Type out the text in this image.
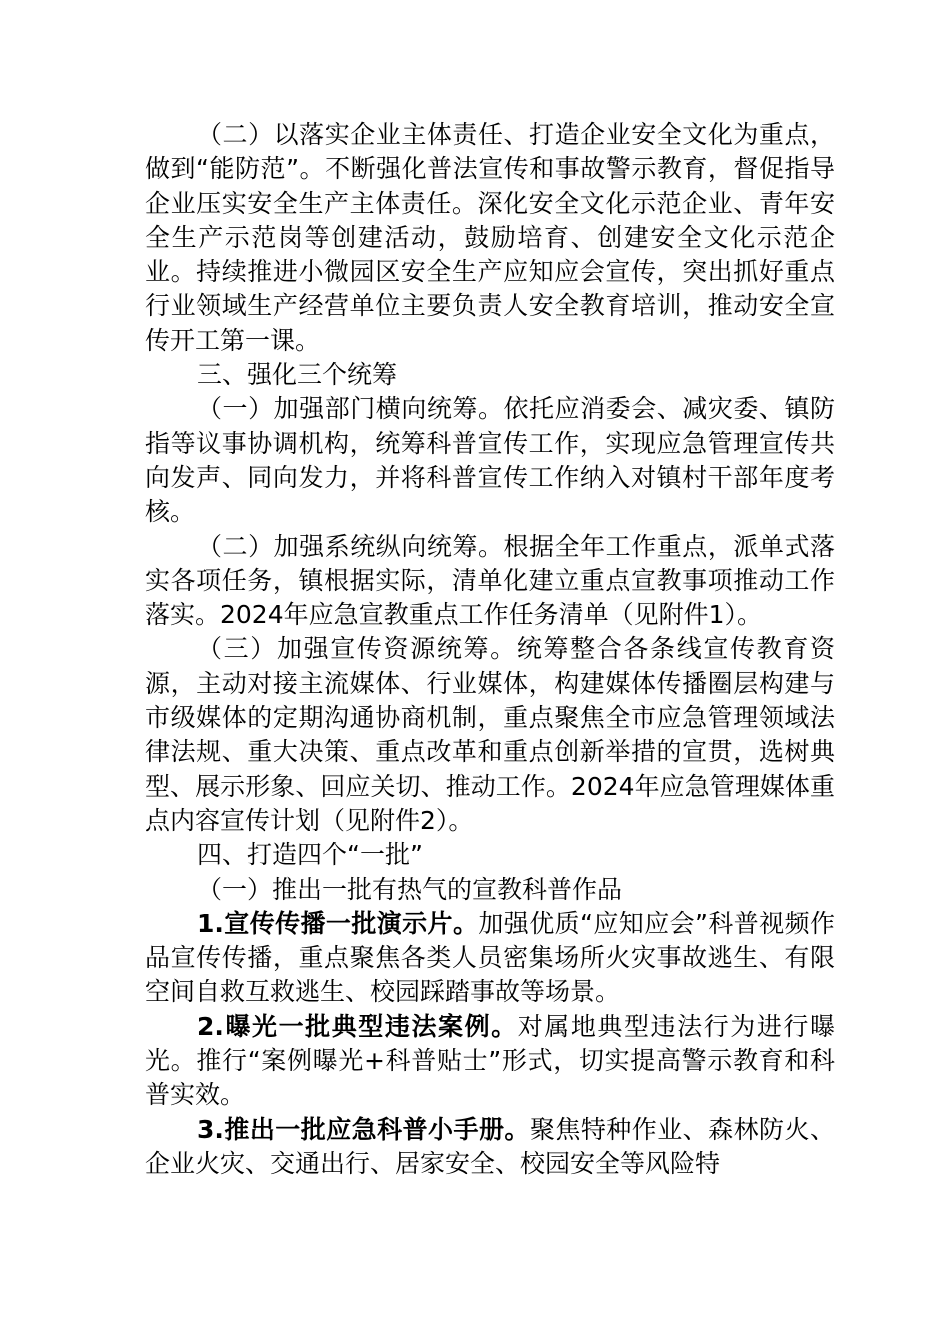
（二）以落实企业主体责任、打造企业安全文化为重点，做到“能防范”。不断强化普法宣传和事故警示教育，督促指导企业压实安全生产主体责任。深化安全文化示范企业、青年安全生产示范岗等创建活动，鼓励培育、创建安全文化示范企业。持续推进小微园区安全生产应知应会宣传，突出抓好重点行业领域生产经营单位主要负责人安全教育培训，推动安全宣传开工第一课。

三、强化三个统筹

（一）加强部门横向统筹。依托应消委会、减灾委、镇防指等议事协调机构，统筹科普宣传工作，实现应急管理宣传共向发声、同向发力，并将科普宣传工作纳入对镇村干部年度考核。

（二）加强系统纵向统筹。根据全年工作重点，派单式落实各项任务，镇根据实际，清单化建立重点宣教事项推动工作落实。2024年应急宣教重点工作任务清单（见附件1）。

（三）加强宣传资源统筹。统筹整合各条线宣传教育资源，主动对接主流媒体、行业媒体，构建媒体传播圈层构建与市级媒体的定期沟通协商机制，重点聚焦全市应急管理领域法律法规、重大决策、重点改革和重点创新举措的宣贯，选树典型、展示形象、回应关切、推动工作。2024年应急管理媒体重点内容宣传计划（见附件2）。

四、打造四个“一批”

（一）推出一批有热气的宣教科普作品

1.宣传传播一批演示片。加强优质“应知应会”科普视频作品宣传传播，重点聚焦各类人员密集场所火灾事故逃生、有限空间自救互救逃生、校园踩踏事故等场景。

2.曝光一批典型违法案例。对属地典型违法行为进行曝光。推行“案例曝光+科普贴士”形式，切实提高警示教育和科普实效。

3.推出一批应急科普小手册。聚焦特种作业、森林防火、企业火灾、交通出行、居家安全、校园安全等风险特
